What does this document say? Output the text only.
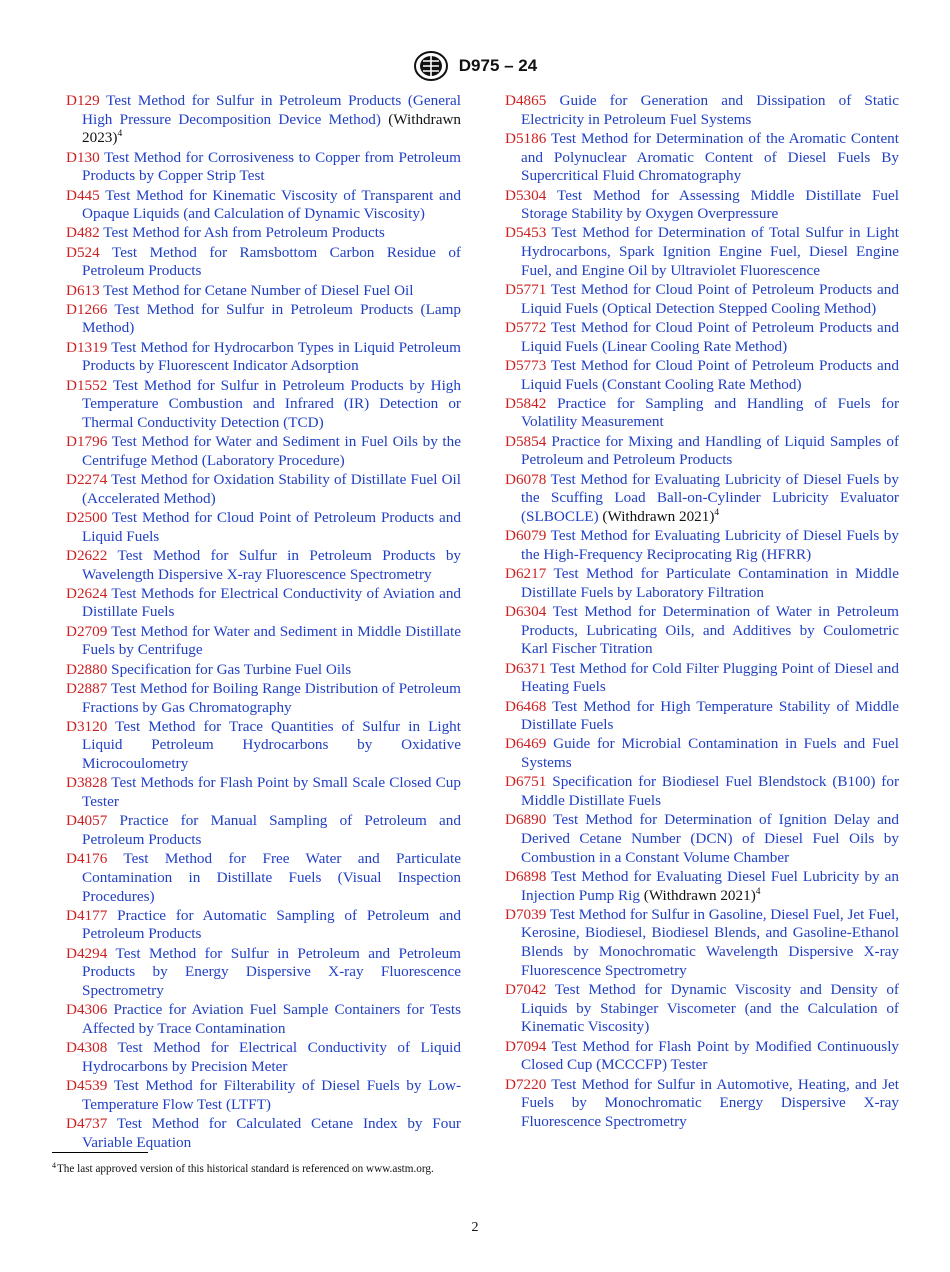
D975 – 24

D129 Test Method for Sulfur in Petroleum Products (General High Pressure Decomposition Device Method) (Withdrawn 2023)$^4$

D130 Test Method for Corrosiveness to Copper from Petroleum Products by Copper Strip Test

D445 Test Method for Kinematic Viscosity of Transparent and Opaque Liquids (and Calculation of Dynamic Viscosity)

D482 Test Method for Ash from Petroleum Products

D524 Test Method for Ramsbottom Carbon Residue of Petroleum Products

D613 Test Method for Cetane Number of Diesel Fuel Oil

D1266 Test Method for Sulfur in Petroleum Products (Lamp Method)

D1319 Test Method for Hydrocarbon Types in Liquid Petroleum Products by Fluorescent Indicator Adsorption

D1552 Test Method for Sulfur in Petroleum Products by High Temperature Combustion and Infrared (IR) Detection or Thermal Conductivity Detection (TCD)

D1796 Test Method for Water and Sediment in Fuel Oils by the Centrifuge Method (Laboratory Procedure)

D2274 Test Method for Oxidation Stability of Distillate Fuel Oil (Accelerated Method)

D2500 Test Method for Cloud Point of Petroleum Products and Liquid Fuels

D2622 Test Method for Sulfur in Petroleum Products by Wavelength Dispersive X-ray Fluorescence Spectrometry

D2624 Test Methods for Electrical Conductivity of Aviation and Distillate Fuels

D2709 Test Method for Water and Sediment in Middle Distillate Fuels by Centrifuge

D2880 Specification for Gas Turbine Fuel Oils

D2887 Test Method for Boiling Range Distribution of Petroleum Fractions by Gas Chromatography

D3120 Test Method for Trace Quantities of Sulfur in Light Liquid Petroleum Hydrocarbons by Oxidative Microcoulometry

D3828 Test Methods for Flash Point by Small Scale Closed Cup Tester

D4057 Practice for Manual Sampling of Petroleum and Petroleum Products

D4176 Test Method for Free Water and Particulate Contamination in Distillate Fuels (Visual Inspection Procedures)

D4177 Practice for Automatic Sampling of Petroleum and Petroleum Products

D4294 Test Method for Sulfur in Petroleum and Petroleum Products by Energy Dispersive X-ray Fluorescence Spectrometry

D4306 Practice for Aviation Fuel Sample Containers for Tests Affected by Trace Contamination

D4308 Test Method for Electrical Conductivity of Liquid Hydrocarbons by Precision Meter

D4539 Test Method for Filterability of Diesel Fuels by Low-Temperature Flow Test (LTFT)

D4737 Test Method for Calculated Cetane Index by Four Variable Equation

D4865 Guide for Generation and Dissipation of Static Electricity in Petroleum Fuel Systems

D5186 Test Method for Determination of the Aromatic Content and Polynuclear Aromatic Content of Diesel Fuels By Supercritical Fluid Chromatography

D5304 Test Method for Assessing Middle Distillate Fuel Storage Stability by Oxygen Overpressure

D5453 Test Method for Determination of Total Sulfur in Light Hydrocarbons, Spark Ignition Engine Fuel, Diesel Engine Fuel, and Engine Oil by Ultraviolet Fluorescence

D5771 Test Method for Cloud Point of Petroleum Products and Liquid Fuels (Optical Detection Stepped Cooling Method)

D5772 Test Method for Cloud Point of Petroleum Products and Liquid Fuels (Linear Cooling Rate Method)

D5773 Test Method for Cloud Point of Petroleum Products and Liquid Fuels (Constant Cooling Rate Method)

D5842 Practice for Sampling and Handling of Fuels for Volatility Measurement

D5854 Practice for Mixing and Handling of Liquid Samples of Petroleum and Petroleum Products

D6078 Test Method for Evaluating Lubricity of Diesel Fuels by the Scuffing Load Ball-on-Cylinder Lubricity Evaluator (SLBOCLE) (Withdrawn 2021)$^4$

D6079 Test Method for Evaluating Lubricity of Diesel Fuels by the High-Frequency Reciprocating Rig (HFRR)

D6217 Test Method for Particulate Contamination in Middle Distillate Fuels by Laboratory Filtration

D6304 Test Method for Determination of Water in Petroleum Products, Lubricating Oils, and Additives by Coulometric Karl Fischer Titration

D6371 Test Method for Cold Filter Plugging Point of Diesel and Heating Fuels

D6468 Test Method for High Temperature Stability of Middle Distillate Fuels

D6469 Guide for Microbial Contamination in Fuels and Fuel Systems

D6751 Specification for Biodiesel Fuel Blendstock (B100) for Middle Distillate Fuels

D6890 Test Method for Determination of Ignition Delay and Derived Cetane Number (DCN) of Diesel Fuel Oils by Combustion in a Constant Volume Chamber

D6898 Test Method for Evaluating Diesel Fuel Lubricity by an Injection Pump Rig (Withdrawn 2021)$^4$

D7039 Test Method for Sulfur in Gasoline, Diesel Fuel, Jet Fuel, Kerosine, Biodiesel, Biodiesel Blends, and Gasoline-Ethanol Blends by Monochromatic Wavelength Dispersive X-ray Fluorescence Spectrometry

D7042 Test Method for Dynamic Viscosity and Density of Liquids by Stabinger Viscometer (and the Calculation of Kinematic Viscosity)

D7094 Test Method for Flash Point by Modified Continuously Closed Cup (MCCCFP) Tester

D7220 Test Method for Sulfur in Automotive, Heating, and Jet Fuels by Monochromatic Energy Dispersive X-ray Fluorescence Spectrometry

$^4$ The last approved version of this historical standard is referenced on www.astm.org.
2
